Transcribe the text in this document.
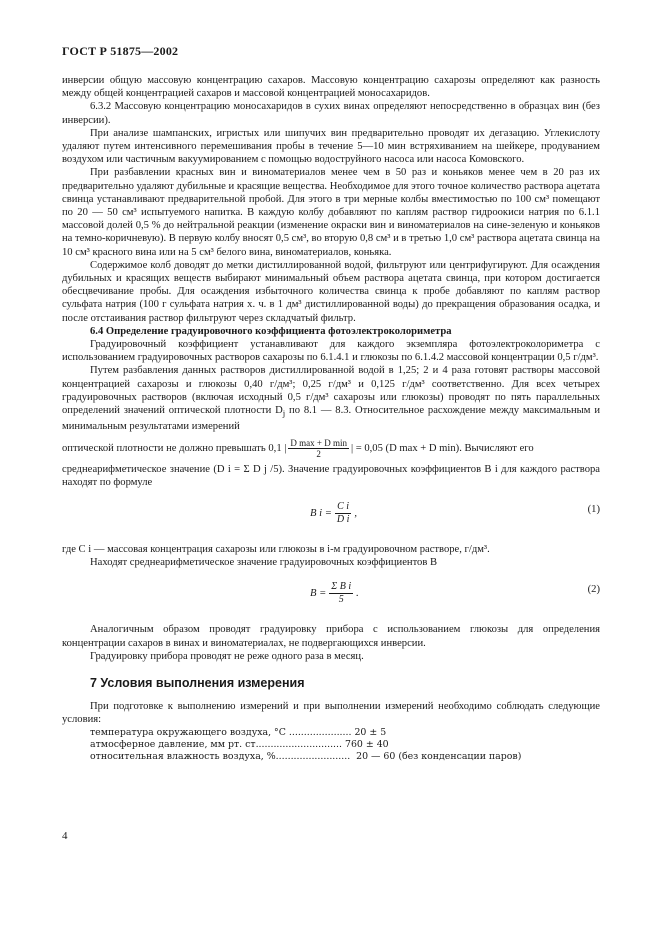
ГОСТ Р 51875—2002

инверсии общую массовую концентрацию сахаров. Массовую концентрацию сахарозы определяют как разность между общей концентрацией сахаров и массовой концентрацией моносахаридов.

6.3.2 Массовую концентрацию моносахаридов в сухих винах определяют непосредственно в образцах вин (без инверсии).

При анализе шампанских, игристых или шипучих вин предварительно проводят их дегазацию. Углекислоту удаляют путем интенсивного перемешивания пробы в течение 5—10 мин встряхиванием на шейкере, продуванием воздухом или частичным вакуумированием с помощью водоструйного насоса или насоса Комовского.

При разбавлении красных вин и виноматериалов менее чем в 50 раз и коньяков менее чем в 20 раз их предварительно удаляют дубильные и красящие вещества. Необходимое для этого точное количество раствора ацетата свинца устанавливают предварительной пробой. Для этого в три мерные колбы вместимостью по 100 см³ помещают по 20 — 50 см³ испытуемого напитка. В каждую колбу добавляют по каплям раствор гидроокиси натрия по 6.1.1 массовой долей 0,5 % до нейтральной реакции (изменение окраски вин и виноматериалов на сине-зеленую и коньяков на темно-коричневую). В первую колбу вносят 0,5 см³, во вторую 0,8 см³ и в третью 1,0 см³ раствора ацетата свинца на 10 см³ красного вина или на 5 см³ белого вина, виноматериалов, коньяка.

Содержимое колб доводят до метки дистиллированной водой, фильтруют или центрифугируют. Для осаждения дубильных и красящих веществ выбирают минимальный объем раствора ацетата свинца, при котором достигается обесцвечивание пробы. Для осаждения избыточного количества свинца к пробе добавляют по каплям раствор сульфата натрия (100 г сульфата натрия х. ч. в 1 дм³ дистиллированной воды) до прекращения образования осадка, и после отстаивания раствор фильтруют через складчатый фильтр.

6.4 Определение градуировочного коэффициента фотоэлектроколориметра

Градуировочный коэффициент устанавливают для каждого экземпляра фотоэлектроколориметра с использованием градуировочных растворов сахарозы по 6.1.4.1 и глюкозы по 6.1.4.2 массовой концентрации 0,5 г/дм³.

Путем разбавления данных растворов дистиллированной водой в 1,25; 2 и 4 раза готовят растворы массовой концентрацией сахарозы и глюкозы 0,40 г/дм³; 0,25 г/дм³ и 0,125 г/дм³ соответственно. Для всех четырех градуировочных растворов (включая исходный 0,5 г/дм³ сахарозы или глюкозы) проводят по пять параллельных определений значений оптической плотности $D_j$ по 8.1 — 8.3. Относительное расхождение между максимальным и минимальным результатами измерений

оптической плотности не должно превышать 0,1 | D max + D min
2
| = 0,05 (D max + D min). Вычисляют его

среднеарифметическое значение (D i = Σ D j /5). Значение градуировочных коэффициентов B i для каждого раствора находят по формуле

B $i = \frac{\text{C i}}{\text{D i}}$ ,	(1)

где C i — массовая концентрация сахарозы или глюкозы в i-м градуировочном растворе, г/дм³.

Находят среднеарифметическое значение градуировочных коэффициентов B

$B = \frac{\text{Σ B i}}{5}$ .	(2)

Аналогичным образом проводят градуировку прибора с использованием глюкозы для определения концентрации сахаров в винах и виноматериалах, не подвергающихся инверсии.

Градуировку прибора проводят не реже одного раза в месяц.

7 Условия выполнения измерения

При подготовке к выполнению измерений и при выполнении измерений необходимо соблюдать следующие условия:

температура окружающего воздуха, °С ..................... 20 ± 5
атмосферное давление, мм рт. ст............................. 760 ± 40
относительная влажность воздуха, %.........................  20 — 60 (без конденсации паров)
4
